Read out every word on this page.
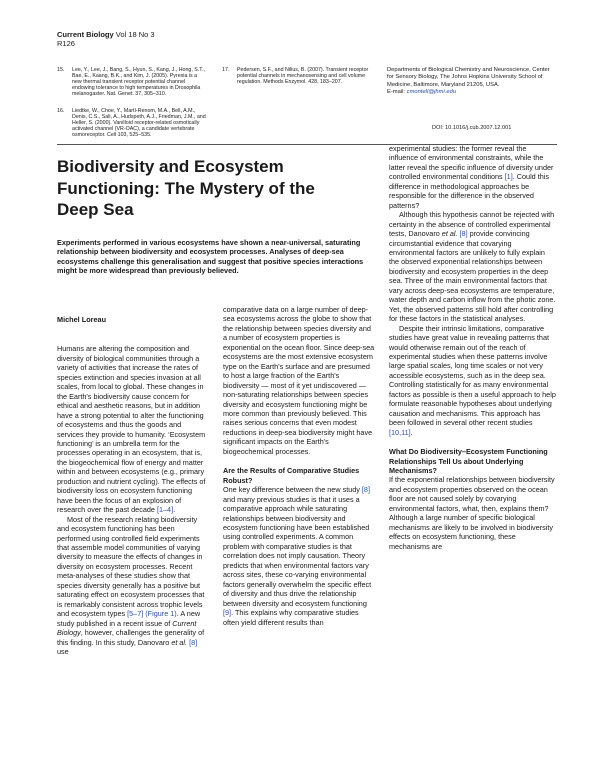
Current Biology Vol 18 No 3
R126
15.	Lee, Y., Lee, J., Bang, S., Hyun, S., Kang, J., Hong, S.T., Bae, E., Kaang, B.K., and Kim, J. (2005). Pyrexia is a new thermal transient receptor potential channel endowing tolerance to high temperatures in Drosophila melanogaster. Nat. Genet. 37, 305–310.
16.	Liedtke, W., Choe, Y., Martí-Renom, M.A., Bell, A.M., Denis, C.S., Sali, A., Hudspeth, A.J., Friedman, J.M., and Heller, S. (2000). Vanilloid receptor-related osmotically activated channel (VR-OAC), a candidate vertebrate osmoreceptor. Cell 103, 525–535.
17.	Pedersen, S.F., and Nilius, B. (2007). Transient receptor potential channels in mechanosensing and cell volume regulation. Methods Enzymol. 428, 183–207.
Departments of Biological Chemistry and Neuroscience, Center for Sensory Biology, The Johns Hopkins University School of Medicine, Baltimore, Maryland 21205, USA.
E-mail: cmontell@jhmi.edu
DOI: 10.1016/j.cub.2007.12.001
Biodiversity and Ecosystem Functioning: The Mystery of the Deep Sea
Experiments performed in various ecosystems have shown a near-universal, saturating relationship between biodiversity and ecosystem processes. Analyses of deep-sea ecosystems challenge this generalisation and suggest that positive species interactions might be more widespread than previously believed.

Michel Loreau

Humans are altering the composition and diversity of biological communities through a variety of activities that increase the rates of species extinction and species invasion at all scales, from local to global. These changes in the Earth's biodiversity cause concern for ethical and aesthetic reasons, but in addition have a strong potential to alter the functioning of ecosystems and thus the goods and services they provide to humanity. ‘Ecosystem functioning’ is an umbrella term for the processes operating in an ecosystem, that is, the biogeochemical flow of energy and matter within and between ecosystems (e.g., primary production and nutrient cycling). The effects of biodiversity loss on ecosystem functioning have been the focus of an explosion of research over the past decade [1–4].

Most of the research relating biodiversity and ecosystem functioning has been performed using controlled field experiments that assemble model communities of varying diversity to measure the effects of changes in diversity on ecosystem processes. Recent meta-analyses of these studies show that species diversity generally has a positive but saturating effect on ecosystem processes that is remarkably consistent across trophic levels and ecosystem types [5–7] (Figure 1). A new study published in a recent issue of Current Biology, however, challenges the generality of this finding. In this study, Danovaro et al. [8] use

comparative data on a large number of deep-sea ecosystems across the globe to show that the relationship between species diversity and a number of ecosystem properties is exponential on the ocean floor. Since deep-sea ecosystems are the most extensive ecosystem type on the Earth's surface and are presumed to host a large fraction of the Earth's biodiversity — most of it yet undiscovered — non-saturating relationships between species diversity and ecosystem functioning might be more common than previously believed. This raises serious concerns that even modest reductions in deep-sea biodiversity might have significant impacts on the Earth's biogeochemical processes.

Are the Results of Comparative Studies Robust?

One key difference between the new study [8] and many previous studies is that it uses a comparative approach while saturating relationships between biodiversity and ecosystem functioning have been established using controlled experiments. A common problem with comparative studies is that correlation does not imply causation. Theory predicts that when environmental factors vary across sites, these co-varying environmental factors generally overwhelm the specific effect of diversity and thus drive the relationship between diversity and ecosystem functioning [9]. This explains why comparative studies often yield different results than

experimental studies: the former reveal the influence of environmental constraints, while the latter reveal the specific influence of diversity under controlled environmental conditions [1]. Could this difference in methodological approaches be responsible for the difference in the observed patterns?

Although this hypothesis cannot be rejected with certainty in the absence of controlled experimental tests, Danovaro et al. [8] provide convincing circumstantial evidence that covarying environmental factors are unlikely to fully explain the observed exponential relationships between biodiversity and ecosystem properties in the deep sea. Three of the main environmental factors that vary across deep-sea ecosystems are temperature, water depth and carbon inflow from the photic zone. Yet, the observed patterns still hold after controlling for these factors in the statistical analyses.

Despite their intrinsic limitations, comparative studies have great value in revealing patterns that would otherwise remain out of the reach of experimental studies when these patterns involve large spatial scales, long time scales or not very accessible ecosystems, such as in the deep sea. Controlling statistically for as many environmental factors as possible is then a useful approach to help formulate reasonable hypotheses about underlying causation and mechanisms. This approach has been followed in several other recent studies [10,11].

What Do Biodiversity–Ecosystem Functioning Relationships Tell Us about Underlying Mechanisms?

If the exponential relationships between biodiversity and ecosystem properties observed on the ocean floor are not caused solely by covarying environmental factors, what, then, explains them? Although a large number of specific biological mechanisms are likely to be involved in biodiversity effects on ecosystem functioning, these mechanisms are
